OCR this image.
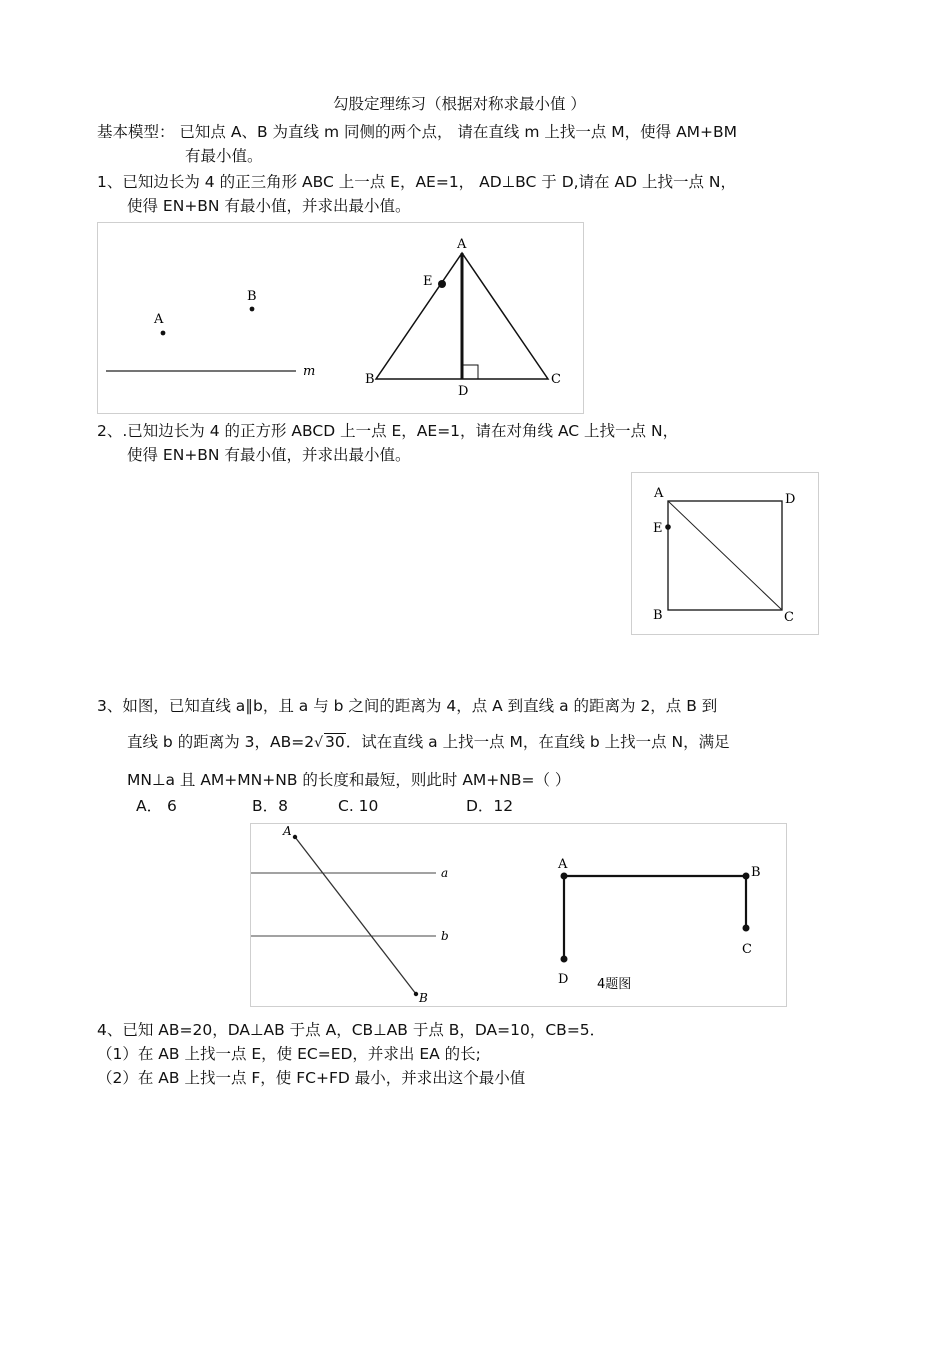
勾股定理练习（根据对称求最小值 ）
基本模型： 已知点 A、B 为直线 m 同侧的两个点， 请在直线 m 上找一点 M，使得 AM+BM
有最小值。
1、已知边长为 4 的正三角形 ABC 上一点 E，AE=1， AD⊥BC 于 D,请在 AD 上找一点 N，
使得 EN+BN 有最小值，并求出最小值。
A
B
m
A
E
B
D
C
2、.已知边长为 4 的正方形 ABCD 上一点 E，AE=1，请在对角线 AC 上找一点 N，
使得 EN+BN 有最小值，并求出最小值。
A	D
E
B	C
3、如图，已知直线 a∥b，且 a 与 b 之间的距离为 4，点 A 到直线 a 的距离为 2，点 B 到
直线 b 的距离为 3，AB=2√ 30．试在直线 a 上找一点 M，在直线 b 上找一点 N，满足
MN⊥a 且 AM+MN+NB 的长度和最短，则此时 AM+NB=（ ）
A． 6	B．8	C. 10	D．12
A
B
a
b
A
B
C
D 4题图
4、已知 AB=20，DA⊥AB 于点 A，CB⊥AB 于点 B，DA=10，CB=5．
（1）在 AB 上找一点 E，使 EC=ED，并求出 EA 的长;
（2）在 AB 上找一点 F，使 FC+FD 最小，并求出这个最小值
